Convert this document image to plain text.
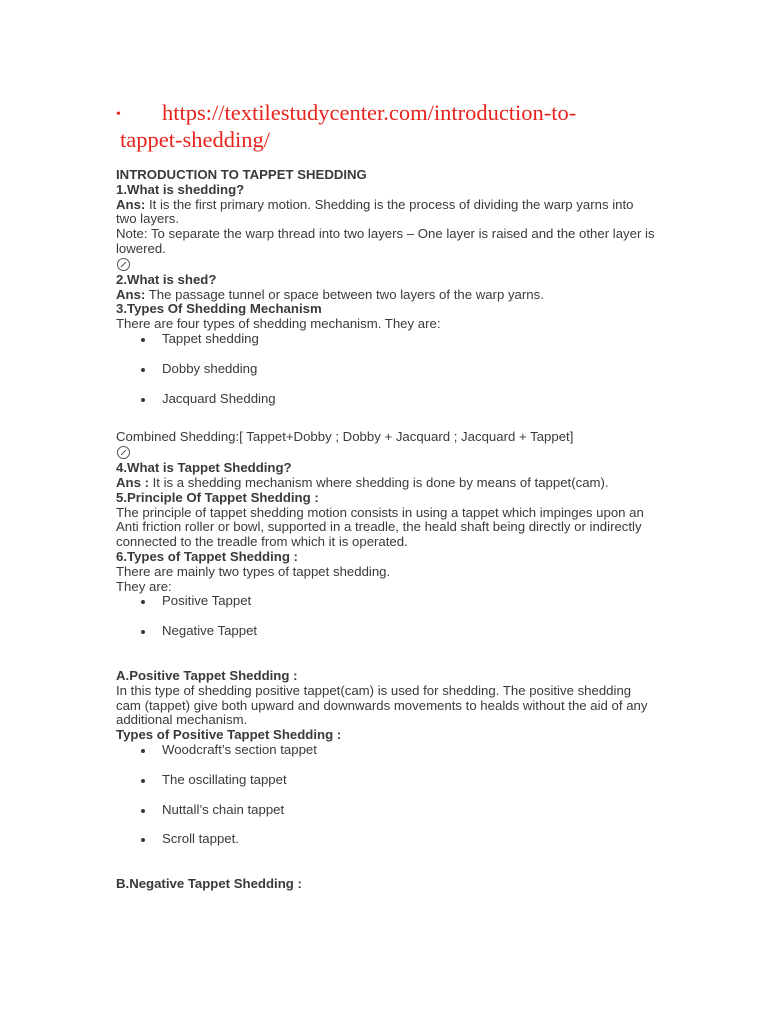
• https://textilestudycenter.com/introduction-to-
tappet-shedding/

INTRODUCTION TO TAPPET SHEDDING

1.What is shedding?

Ans: It is the first primary motion. Shedding is the process of dividing the warp yarns into two layers.

Note: To separate the warp thread into two layers – One layer is raised and the other layer is lowered.

2.What is shed?

Ans: The passage tunnel or space between two layers of the warp yarns.

3.Types Of Shedding Mechanism

There are four types of shedding mechanism. They are:

Tappet shedding
Dobby shedding
Jacquard Shedding

Combined Shedding:[ Tappet+Dobby ; Dobby + Jacquard ; Jacquard + Tappet]

4.What is Tappet Shedding?

Ans : It is a shedding mechanism where shedding is done by means of tappet(cam).

5.Principle Of Tappet Shedding :

The principle of tappet shedding motion consists in using a tappet which impinges upon an Anti friction roller or bowl, supported in a treadle, the heald shaft being directly or indirectly connected to the treadle from which it is operated.

6.Types of Tappet Shedding :

There are mainly two types of tappet shedding.

They are:

Positive Tappet
Negative Tappet

A.Positive Tappet Shedding :

In this type of shedding positive tappet(cam) is used for shedding. The positive shedding cam (tappet) give both upward and downwards movements to healds without the aid of any additional mechanism.

Types of Positive Tappet Shedding :

Woodcraft’s section tappet
The oscillating tappet
Nuttall’s chain tappet
Scroll tappet.

B.Negative Tappet Shedding :
